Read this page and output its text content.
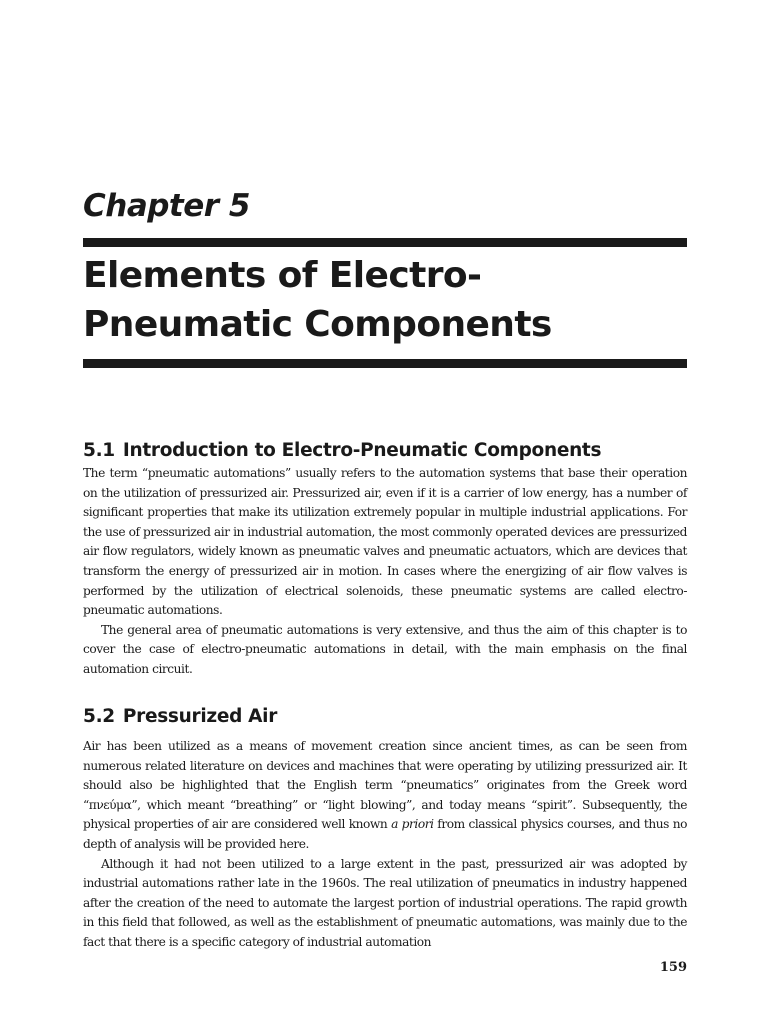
Chapter 5
Elements of Electro-Pneumatic Components
5.1 Introduction to Electro-Pneumatic Components

The term “pneumatic automations” usually refers to the automation systems that base their operation on the utilization of pressurized air. Pressurized air, even if it is a carrier of low energy, has a number of significant properties that make its utilization extremely popular in multiple industrial applications. For the use of pressurized air in industrial automation, the most commonly operated devices are pressurized air flow regulators, widely known as pneumatic valves and pneumatic actuators, which are devices that transform the energy of pressurized air in motion. In cases where the energizing of air flow valves is performed by the utilization of electrical solenoids, these pneumatic systems are called electro-pneumatic automations.

The general area of pneumatic automations is very extensive, and thus the aim of this chapter is to cover the case of electro-pneumatic automations in detail, with the main emphasis on the final automation circuit.

5.2 Pressurized Air

Air has been utilized as a means of movement creation since ancient times, as can be seen from numerous related literature on devices and machines that were operating by utilizing pressurized air. It should also be highlighted that the English term “pneumatics” originates from the Greek word “πνεύμα”, which meant “breathing” or “light blowing”, and today means “spirit”. Subsequently, the physical properties of air are considered well known a priori from classical physics courses, and thus no depth of analysis will be provided here.

Although it had not been utilized to a large extent in the past, pressurized air was adopted by industrial automations rather late in the 1960s. The real utilization of pneumatics in industry happened after the creation of the need to automate the largest portion of industrial operations. The rapid growth in this field that followed, as well as the establishment of pneumatic automations, was mainly due to the fact that there is a specific category of industrial automation

159
